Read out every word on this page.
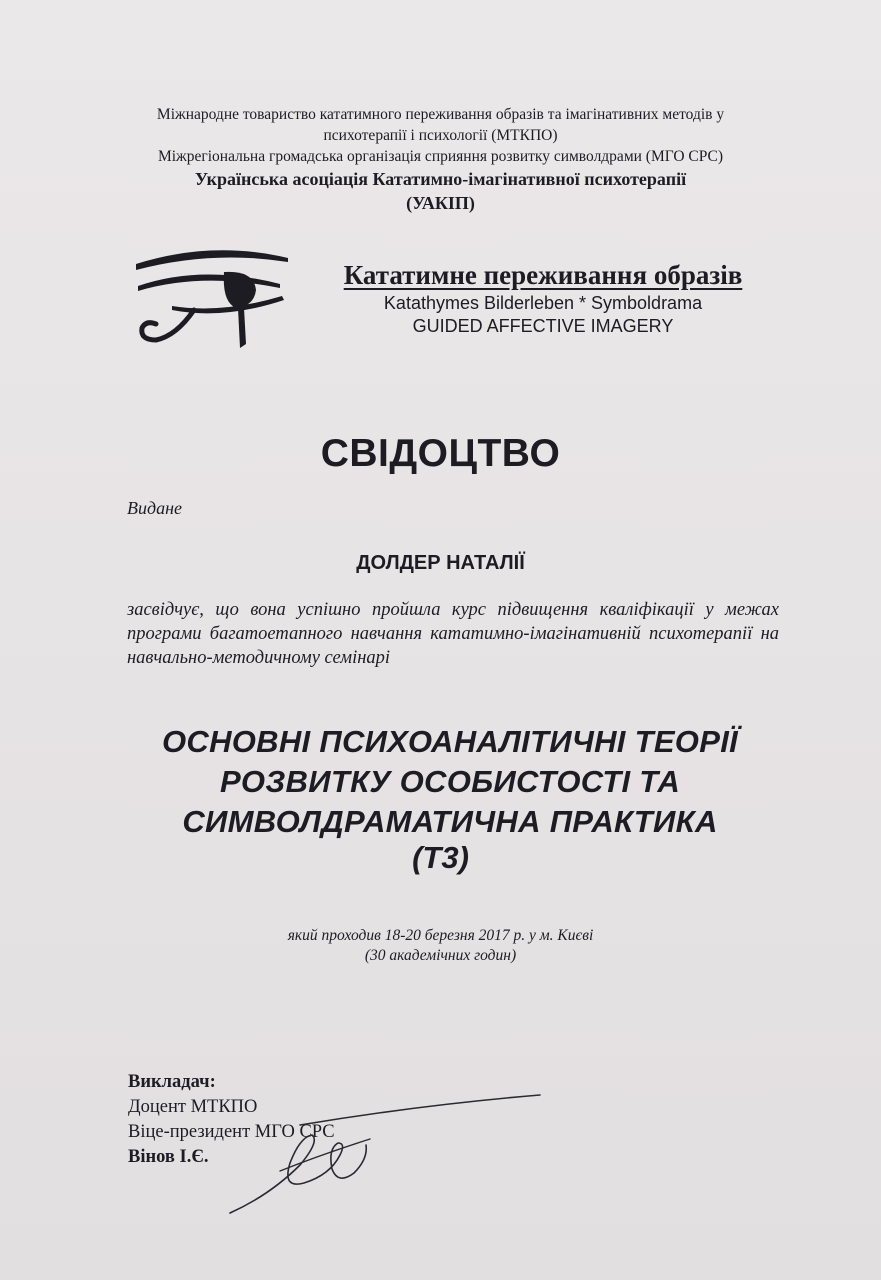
Міжнародне товариство кататимного переживання образів та імагінативних методів у
психотерапії і психології (МТКПО)
Міжрегіональна громадська організація сприяння розвитку символдрами (МГО СРС)
Українська асоціація Кататимно-імагінативної психотерапії
(УАКІП)
Кататимне переживання образів
Katathymes Bilderleben * Symboldrama
GUIDED AFFECTIVE IMAGERY
СВІДОЦТВО
Видане
ДОЛДЕР НАТАЛІЇ
засвідчує, що вона успішно пройшла курс підвищення кваліфікації у межах програми багатоетапного навчання кататимно-імагінативній психотерапії на навчально-методичному семінарі
ОСНОВНІ ПСИХОАНАЛІТИЧНІ ТЕОРІЇ
РОЗВИТКУ ОСОБИСТОСТІ ТА
СИМВОЛДРАМАТИЧНА ПРАКТИКА
(Т3)
який проходив 18-20 березня 2017 р. у м. Києві
(30 академічних годин)
Викладач:
Доцент МТКПО
Віце-президент МГО СРС
Вінов І.Є.
